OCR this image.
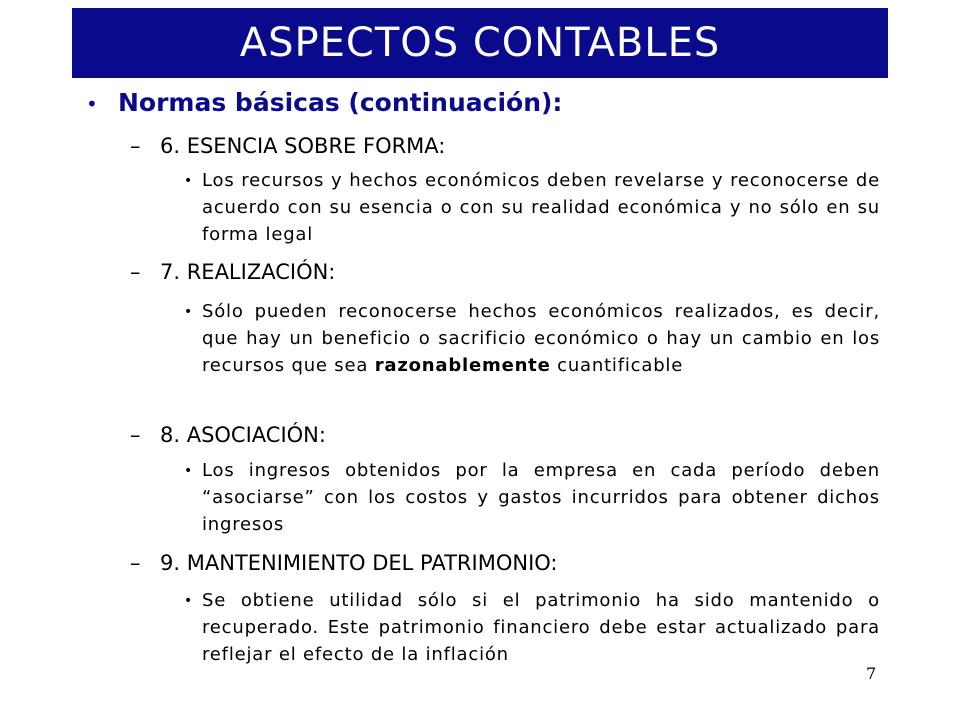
ASPECTOS CONTABLES
• Normas básicas (continuación):
– 6. ESENCIA SOBRE FORMA:
• Los recursos y hechos económicos deben revelarse y reconocerse de acuerdo con su esencia o con su realidad económica y no sólo en su forma legal
– 7. REALIZACIÓN:
• Sólo pueden reconocerse hechos económicos realizados, es decir, que hay un beneficio o sacrificio económico o hay un cambio en los recursos que sea razonablemente cuantificable
– 8. ASOCIACIÓN:
• Los ingresos obtenidos por la empresa en cada período deben “asociarse” con los costos y gastos incurridos para obtener dichos ingresos
– 9. MANTENIMIENTO DEL PATRIMONIO:
• Se obtiene utilidad sólo si el patrimonio ha sido mantenido o recuperado. Este patrimonio financiero debe estar actualizado para reflejar el efecto de la inflación
7
